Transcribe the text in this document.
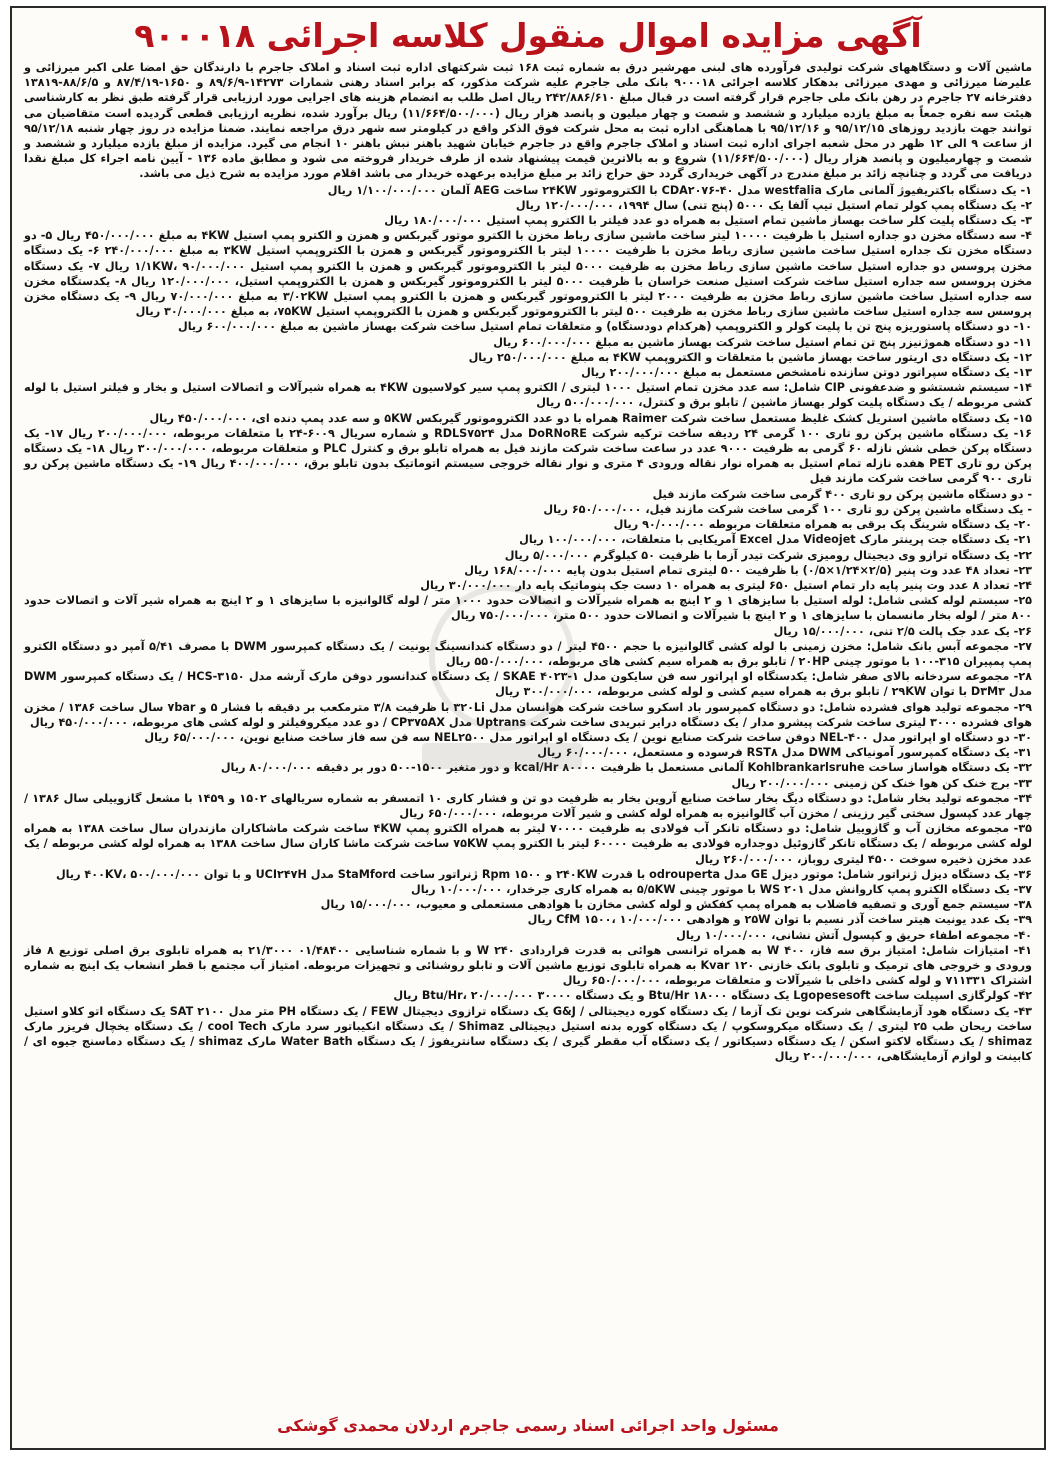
آگهی مزایده اموال منقول کلاسه اجرائی ۹۰۰۰۱۸

ماشین آلات و دستگاههای شرکت تولیدی فرآورده های لبنی مهرشیر درق به شماره ثبت ۱۶۸ ثبت شرکتهای اداره ثبت اسناد و املاک جاجرم با دارندگان حق امضا علی اکبر میرزائی و علیرضا میرزائی و مهدی میرزائی بدهکار کلاسه اجرائی ۹۰۰۰۱۸ بانک ملی جاجرم علیه شرکت مذکور، که برابر اسناد رهنی شمارات ۱۴۲۷۳-۸۹/۶/۹ و ۱۶۵۰-۸۷/۴/۱۹ و ۸۸/۶/۵-۱۳۸۱۹ دفترخانه ۲۷ جاجرم در رهن بانک ملی جاجرم قرار گرفته است در قبال مبلغ ۲۴۲/۸۸۶/۶۱۰ ریال اصل طلب به انضمام هزینه های اجرایی مورد ارزیابی قرار گرفته طبق نظر به کارشناسی هیئت سه نفره جمعاً به مبلغ یازده میلیارد و ششصد و شصت و چهار میلیون و پانصد هزار ریال (۱۱/۶۶۴/۵۰۰/۰۰۰) ریال برآورد شده، نظریه ارزیابی قطعی گردیده است متقاضیان می توانند جهت بازدید روزهای ۹۵/۱۲/۱۵ و ۹۵/۱۲/۱۶ با هماهنگی اداره ثبت به محل شرکت فوق الذکر واقع در کیلومتر سه شهر درق مراجعه نمایند. ضمنا مزایده در روز چهار شنبه ۹۵/۱۲/۱۸ از ساعت ۹ الی ۱۲ ظهر در محل شعبه اجرای اداره ثبت اسناد و املاک جاجرم واقع در جاجرم خیابان شهید باهنر نبش باهنر ۱۰ انجام می گیرد. مزایده از مبلغ یازده میلیارد و ششصد و شصت و چهارمیلیون و پانصد هزار ریال (۱۱/۶۶۴/۵۰۰/۰۰۰) شروع و به بالاترین قیمت پیشنهاد شده از طرف خریدار فروخته می شود و مطابق ماده ۱۳۶ - آیین نامه اجراء کل مبلغ نقدا دریافت می گردد و چنانچه زائد بر مبلغ مندرج در آگهی خریداری گردد حق حراج زائد بر مبلغ مزایده برعهده خریدار می باشد اقلام مورد مزایده به شرح ذیل می باشد.

۱- یک دستگاه باکتریفیوژ آلمانی مارک westfalia مدل CDA۲۰۷۶-۴۰ با الکتروموتور ۲۴KW ساخت AEG آلمان ۱/۱۰۰/۰۰۰/۰۰۰ ریال

۲- یک دستگاه پمپ کولر تمام استیل تیپ آلفا یک ۵۰۰۰ (پنج تنی) سال ۱۹۹۴، ۱۲۰/۰۰۰/۰۰۰ ریال

۳- یک دستگاه پلیت کلر ساخت بهساز ماشین تمام استیل به همراه دو عدد فیلتر با الکترو پمپ استیل ۱۸۰/۰۰۰/۰۰۰ ریال

۴- سه دستگاه مخزن دو جداره استیل با ظرفیت ۱۰۰۰۰ لیتر ساخت ماشین سازی رباط مخزن با الکترو موتور گیربکس و همزن و الکترو پمپ استیل ۴KW به مبلغ ۴۵۰/۰۰۰/۰۰۰ ریال ۵- دو دستگاه مخزن تک جداره استیل ساخت ماشین سازی رباط مخزن با ظرفیت ۱۰۰۰۰ لیتر با الکتروموتور گیربکس و همزن با الکتروپمپ استیل ۳KW به مبلغ ۲۴۰/۰۰۰/۰۰۰ ۶- یک دستگاه مخزن پروسس دو جداره استیل ساخت ماشین سازی رباط مخزن به ظرفیت ۵۰۰۰ لیتر با الکتروموتور گیربکس و همزن با الکترو پمپ استیل ۱/۱KW، ۹۰/۰۰۰/۰۰۰ ریال ۷- یک دستگاه مخزن پروسس سه جداره استیل ساخت شرکت استیل صنعت خراسان با ظرفیت ۵۰۰۰ لیتر با الکتروموتور گیربکس و همزن با الکتروپمپ استیل، ۱۲۰/۰۰۰/۰۰۰ ریال ۸- یکدستگاه مخزن سه جداره استیل ساخت ماشین سازی رباط مخزن به ظرفیت ۲۰۰۰ لیتر با الکتروموتور گیربکس و همزن با الکترو پمپ استیل ۳/۰۲KW به مبلغ ۷۰/۰۰۰/۰۰۰ ریال ۹- یک دستگاه مخزن پروسس سه جداره استیل ساخت ماشین سازی رباط مخزن به ظرفیت ۵۰۰ لیتر با الکتروموتور گیربکس و همزن با الکتروپمپ استیل ۷۵KW، به مبلغ ۳۰/۰۰۰/۰۰۰ ریال

۱۰- دو دستگاه پاستوریزه پنج تن با پلیت کولر و الکتروپمپ (هرکدام دودستگاه) و متعلقات تمام استیل ساخت شرکت بهساز ماشین به مبلغ ۶۰۰/۰۰۰/۰۰۰ ریال

۱۱- دو دستگاه هموژنیزر پنج تن تمام استیل ساخت شرکت بهساز ماشین به مبلغ ۶۰۰/۰۰۰/۰۰۰ ریال

۱۲- یک دستگاه دی اریتور ساخت بهساز ماشین با متعلقات و الکتروپمپ ۴KW به مبلغ ۲۵۰/۰۰۰/۰۰۰ ریال

۱۳- یک دستگاه سپراتور دوتن سازنده نامشخص مستعمل به مبلغ ۲۰۰/۰۰۰/۰۰۰ ریال

۱۴- سیستم شستشو و ضدعفونی CIP شامل: سه عدد مخزن تمام استیل ۱۰۰۰ لیتری / الکترو پمپ سیر کولاسیون ۴KW به همراه شیرآلات و اتصالات استیل و بخار و فیلتر استیل با لوله کشی مربوطه / یک دستگاه پلیت کولر بهساز ماشین / تابلو برق و کنترل، ۵۰۰/۰۰۰/۰۰۰ ریال

۱۵- یک دستگاه ماشین استریل کشک غلیظ مستعمل ساخت شرکت Raimer همراه با دو عدد الکتروموتور گیربکس ۵KW و سه عدد پمپ دنده ای، ۴۵۰/۰۰۰/۰۰۰ ریال

۱۶- یک دستگاه ماشین پرکن رو تاری ۱۰۰ گرمی ۲۴ ردیفه ساخت ترکیه شرکت DoRNoRE مدل RDLS۷۵۲۴ و شماره سریال ۶۰۰۹-۲۴ با متعلقات مربوطه، ۲۰۰/۰۰۰/۰۰۰ ریال ۱۷- یک دستگاه پرکن خطی شش نازله ۶۰ گرمی به ظرفیت ۹۰۰۰ عدد در ساعت ساخت شرکت مازند فیل به همراه تابلو برق و کنترل PLC و متعلقات مربوطه، ۳۰۰/۰۰۰/۰۰۰ ریال ۱۸- یک دستگاه پرکن رو تاری PET هفده نازله تمام استیل به همراه نوار نقاله ورودی ۴ متری و نوار نقاله خروجی سیستم اتوماتیک بدون تابلو برق، ۴۰۰/۰۰۰/۰۰۰ ریال ۱۹- یک دستگاه ماشین پرکن رو تاری ۹۰۰ گرمی ساخت شرکت مازند فیل

- دو دستگاه ماشین پرکن رو تاری ۴۰۰ گرمی ساخت شرکت مازند فیل

- یک دستگاه ماشین پرکن رو تاری ۱۰۰ گرمی ساخت شرکت مازند فیل، ۶۵۰/۰۰۰/۰۰۰ ریال

۲۰- یک دستگاه شرینگ پک برقی به همراه متعلقات مربوطه ۹۰/۰۰۰/۰۰۰ ریال

۲۱- یک دستگاه جت پرینتر مارک Videojet مدل Excel آمریکایی با متعلقات، ۱۰۰/۰۰۰/۰۰۰ ریال

۲۲- یک دستگاه ترازو وی دیجیتال رومیزی شرکت تیدر آزما با ظرفیت ۵۰ کیلوگرم ۵/۰۰۰/۰۰۰ ریال

۲۳- تعداد ۴۸ عدد وت پنیر (۲/۵×۱/۲۴×۰/۵) با ظرفیت ۵۰۰ لیتری تمام استیل بدون پایه ۱۶۸/۰۰۰/۰۰۰ ریال

۲۴- تعداد ۸ عدد وت پنیر پایه دار تمام استیل ۶۵۰ لیتری به همراه ۱۰ دست جک پنوماتیک پایه دار ۳۰/۰۰۰/۰۰۰ ریال

۲۵- سیستم لوله کشی شامل: لوله استیل با سایزهای ۱ و ۲ اینچ به همراه شیرآلات و اتصالات حدود ۱۰۰۰ متر / لوله گالوانیزه با سایزهای ۱ و ۲ اینچ به همراه شیر آلات و اتصالات حدود ۸۰۰ متر / لوله بخار مانسمان با سایزهای ۱ و ۲ اینچ با شیرآلات و اتصالات حدود ۵۰۰ متر، ۷۵۰/۰۰۰/۰۰۰ ریال

۲۶- یک عدد جک پالت ۲/۵ تنی، ۱۵/۰۰۰/۰۰۰ ریال

۲۷- مجموعه آبس بانک شامل: مخزن زمینی با لوله کشی گالوانیزه با حجم ۴۵۰۰ لیتر / دو دستگاه کندانسینگ یونیت / یک دستگاه کمپرسور DWM با مصرف ۵/۴۱ آمپر دو دستگاه الکترو پمپ پمپیران ۳۱۵-۱۰۰ با موتور چینی ۲۰HP / تابلو برق به همراه سیم کشی های مربوطه، ۵۵۰/۰۰۰/۰۰۰ ریال

۲۸- مجموعه سردخانه بالای صفر شامل: یکدستگاه او اپراتور سه فن سایکون مدل SKAE ۴۰۲۳-۱ / یک دستگاه کندانسور دوفن مارک آرشه مدل HCS-۳۱۵۰ / یک دستگاه کمپرسور DWM مدل D۳M۳ با توان ۲۹KW / تابلو برق به همراه سیم کشی و لوله کشی مربوطه، ۳۰۰/۰۰۰/۰۰۰ ریال

۲۹- مجموعه تولید هوای فشرده شامل: دو دستگاه کمپرسور باد اسکرو ساخت شرکت هوانسان مدل ۳۲۰Li با ظرفیت ۳/۸ مترمکعب بر دقیقه با فشار ۵ و ۷bar سال ساخت ۱۳۸۶ / مخزن هوای فشرده ۳۰۰۰ لیتری ساخت شرکت پیشرو مدار / یک دستگاه درایر تبریدی ساخت شرکت Uptrans مدل CP۳۷۵AX / دو عدد میکروفیلتر و لوله کشی های مربوطه، ۴۵۰/۰۰۰/۰۰۰ ریال

۳۰- دو دستگاه او اپراتور مدل NEL-۴۰۰ دوفن ساخت شرکت صنایع نوین / یک دستگاه او اپراتور مدل NEL۲۵۰۰ سه فن سه فاز ساخت صنایع نوین، ۶۵/۰۰۰/۰۰۰ ریال

۳۱- یک دستگاه کمپرسور آمونیاکی DWM مدل RST۸ فرسوده و مستعمل، ۶۰/۰۰۰/۰۰۰ ریال

۳۲- یک دستگاه هواساز ساخت Kohlbrankarlsruhe آلمانی مستعمل با ظرفیت ۸۰۰۰۰ kcal/Hr و دور متغیر ۱۵۰۰-۵۰۰ دور بر دقیقه ۸۰/۰۰۰/۰۰۰ ریال

۳۳- برج خنک کن هوا خنک کن زمینی ۲۰۰/۰۰۰/۰۰۰ ریال

۳۴- مجموعه تولید بخار شامل: دو دستگاه دیگ بخار ساخت صنایع آروین بخار به ظرفیت دو تن و فشار کاری ۱۰ اتمسفر به شماره سریالهای ۱۵۰۲ و ۱۴۵۹ با مشعل گازوییلی سال ۱۳۸۶ / چهار عدد کپسول سختی گیر رزینی / مخزن آب گالوانیزه به همراه لوله کشی و شیر آلات مربوطه، ۶۵۰/۰۰۰/۰۰۰ ریال

۳۵- مجموعه مخازن آب و گازوییل شامل: دو دستگاه تانکر آب فولادی به ظرفیت ۷۰۰۰۰ لیتر به همراه الکترو پمپ ۴KW ساخت شرکت ماشاکاران مازندران سال ساخت ۱۳۸۸ به همراه لوله کشی مربوطه / یک دستگاه تانکر گازوئیل دوجداره فولادی به ظرفیت ۶۰۰۰۰ لیتر با الکترو پمپ ۷۵KW ساخت شرکت ماشا کاران سال ساخت ۱۳۸۸ به همراه لوله کشی مربوطه / یک عدد مخزن ذخیره سوخت ۴۵۰۰ لیتری روباز، ۲۶۰/۰۰۰/۰۰۰ ریال

۳۶- یک دستگاه دیزل ژنراتور شامل: موتور دیزل GE مدل odrouperta با قدرت ۲۴۰KW و ۱۵۰۰ Rpm ژنراتور ساخت StaMford مدل UCI۲۴۷H و با توان ۴۰۰KV، ۵۰۰/۰۰۰/۰۰۰ ریال

۳۷- یک دستگاه الکترو پمپ کاروانش مدل WS ۲۰۱ با موتور چینی ۵/۵KW به همراه کاری جرخدار، ۱۰/۰۰۰/۰۰۰ ریال

۳۸- سیستم جمع آوری و تصفیه فاضلاب به همراه پمپ کفکش و لوله کشی مخازن با هوادهی مستعملی و معیوب، ۱۵/۰۰۰/۰۰۰ ریال

۳۹- یک عدد یونیت هیتر ساخت آذر نسیم با توان ۲۵W و هوادهی CfM ۱۵۰۰، ۱۰/۰۰۰/۰۰۰ ریال

۴۰- مجموعه اطفاء حریق و کپسول آتش نشانی، ۱۰/۰۰۰/۰۰۰ ریال

۴۱- امتیازات شامل: امتیاز برق سه فاز، ۴۰۰ W به همراه ترانسی هوائی به قدرت قراردادی ۲۴۰ W و با شماره شناسایی ۰۱/۴۸۴۰۰ ۲۱/۳۰۰۰ به همراه تابلوی برق اصلی توزیع ۸ فاز ورودی و خروجی های ترمیک و تابلوی بانک خازنی Kvar ۱۲۰ به همراه تابلوی توزیع ماشین آلات و تابلو روشنائی و تجهیزات مربوطه. امتیاز آب مجتمع با قطر انشعاب یک اینچ به شماره اشتراک ۷۱۱۳۳۱ و لوله کشی داخلی با شیرآلات و متعلقات مربوطه، ۶۵۰/۰۰۰/۰۰۰ ریال

۴۲- کولرگازی اسپیلت ساخت Lgopesesoft یک دستگاه ۱۸۰۰۰ Btu/Hr و یک دستگاه ۳۰۰۰۰ Btu/Hr، ۲۰/۰۰۰/۰۰۰ ریال

۴۳- یک دستگاه هود آزمایشگاهی شرکت نوین تک آزما / یک دستگاه کوره دیجیتالی / G&J یک دستگاه ترازوی دیجیتال FEW / یک دستگاه PH متر مدل SAT ۲۱۰۰ یک دستگاه اتو کلاو استیل ساخت ریحان طب ۲۵ لیتری / یک دستگاه میکروسکوپ / یک دستگاه کوره بدنه استیل دیجیتالی Shimaz / یک دستگاه انکیباتور سرد مارک cool Tech / یک دستگاه یخچال فریزر مارک shimaz / یک دستگاه لاکتو اسکن / یک دستگاه دسیکاتور / یک دستگاه آب مقطر گیری / یک دستگاه سانتریفوژ / یک دستگاه Water Bath مارک shimaz / یک دستگاه دماسنج جیوه ای / کابینت و لوازم آزمایشگاهی، ۲۰۰/۰۰۰/۰۰۰ ریال

مسئول واحد اجرائی اسناد رسمی جاجرم اردلان محمدی گوشکی
